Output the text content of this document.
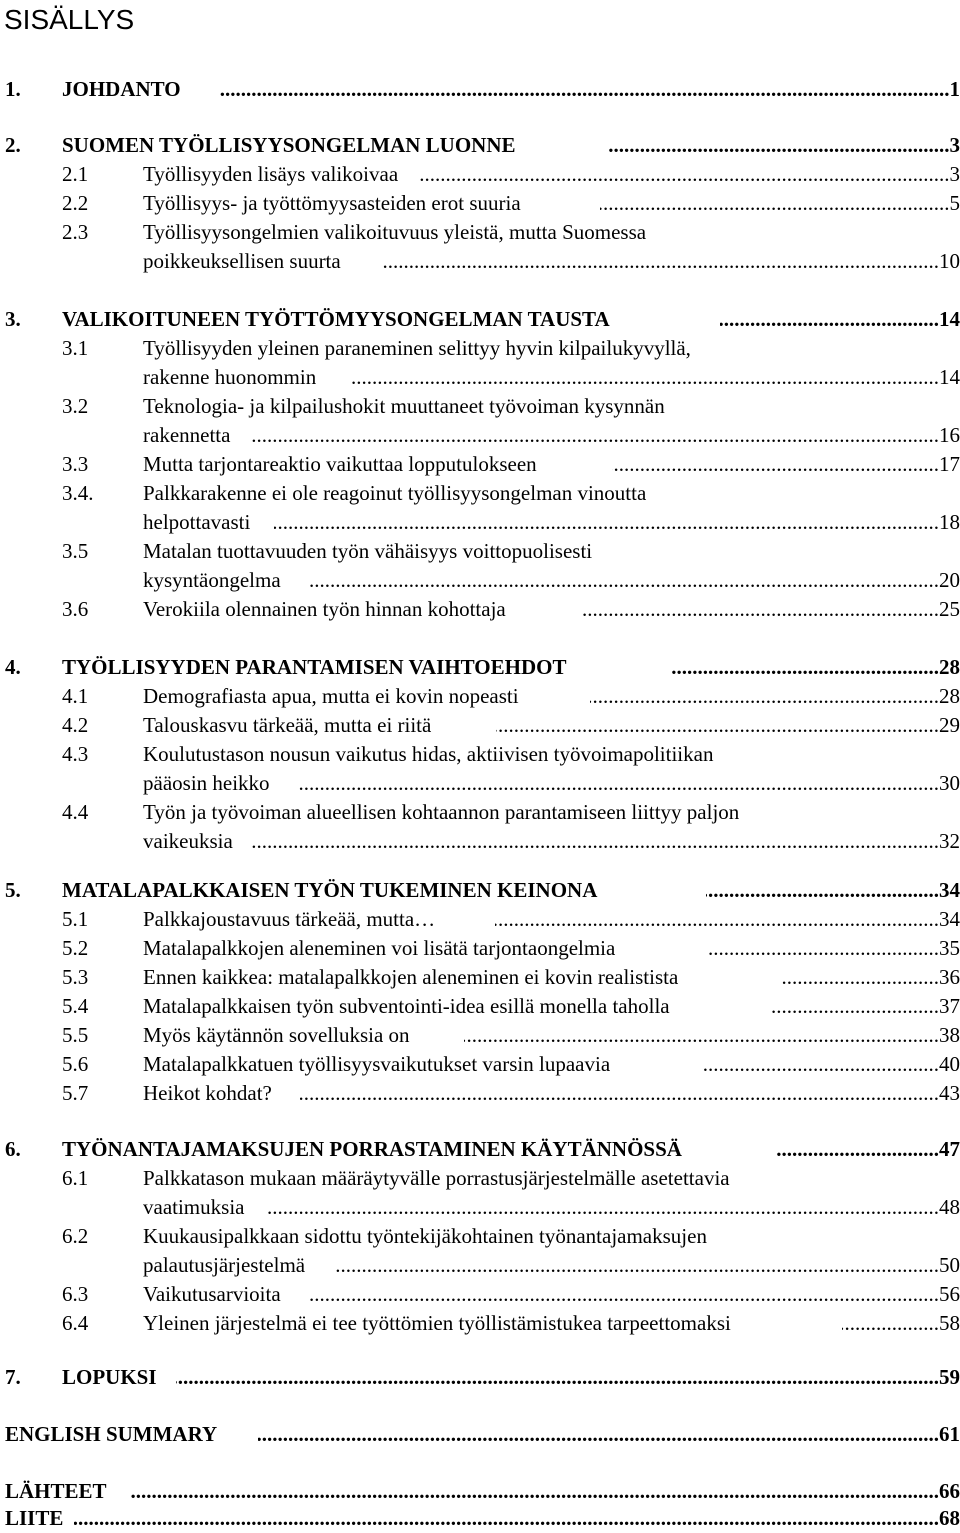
SISÄLLYS
1. JOHDANTO .....	1
2. SUOMEN TYÖLLISYYSONGELMAN LUONNE .....	3
2.1	Työllisyyden lisäys valikoivaa .....	3
2.2	Työllisyys- ja työttömyysasteiden erot suuria .....	5
2.3	Työllisyysongelmien valikoituvuus yleistä, mutta Suomessa
poikkeuksellisen suurta .....	10
3. VALIKOITUNEEN TYÖTTÖMYYSONGELMAN TAUSTA .....	14
3.1	Työllisyyden yleinen paraneminen selittyy hyvin kilpailukyvyllä,
rakenne huonommin .....	14
3.2	Teknologia- ja kilpailushokit muuttaneet työvoiman kysynnän
rakennetta .....	16
3.3	Mutta tarjontareaktio vaikuttaa lopputulokseen .....	17
3.4. Palkkarakenne ei ole reagoinut työllisyysongelman vinoutta
helpottavasti .....	18
3.5	Matalan tuottavuuden työn vähäisyys voittopuolisesti
kysyntäongelma .....	20
3.6	Verokiila olennainen työn hinnan kohottaja .....	25
4. TYÖLLISYYDEN PARANTAMISEN VAIHTOEHDOT .....	28
4.1	Demografiasta apua, mutta ei kovin nopeasti .....	28
4.2	Talouskasvu tärkeää, mutta ei riitä .....	29
4.3	Koulutustason nousun vaikutus hidas, aktiivisen työvoimapolitiikan
pääosin heikko .....	30
4.4	Työn ja työvoiman alueellisen kohtaannon parantamiseen liittyy paljon
vaikeuksia .....	32
5. MATALAPALKKAISEN TYÖN TUKEMINEN KEINONA .....	34
5.1	Palkkajoustavuus tärkeää, mutta… .....	34
5.2	Matalapalkkojen aleneminen voi lisätä tarjontaongelmia .....	35
5.3	Ennen kaikkea: matalapalkkojen aleneminen ei kovin realistista .....	36
5.4	Matalapalkkaisen työn subventointi-idea esillä monella taholla .....	37
5.5	Myös käytännön sovelluksia on .....	38
5.6	Matalapalkkatuen työllisyysvaikutukset varsin lupaavia .....	40
5.7	Heikot kohdat? .....	43
6. TYÖNANTAJAMAKSUJEN PORRASTAMINEN KÄYTÄNNÖSSÄ .....	47
6.1	Palkkatason mukaan määräytyvälle porrastusjärjestelmälle asetettavia
vaatimuksia .....	48
6.2	Kuukausipalkkaan sidottu työntekijäkohtainen työnantajamaksujen
palautusjärjestelmä .....	50
6.3	Vaikutusarvioita .....	56
6.4	Yleinen järjestelmä ei tee työttömien työllistämistukea tarpeettomaksi .....	58
7. LOPUKSI .....	59
ENGLISH SUMMARY .....	61
LÄHTEET .....	66
LIITE .....	68
